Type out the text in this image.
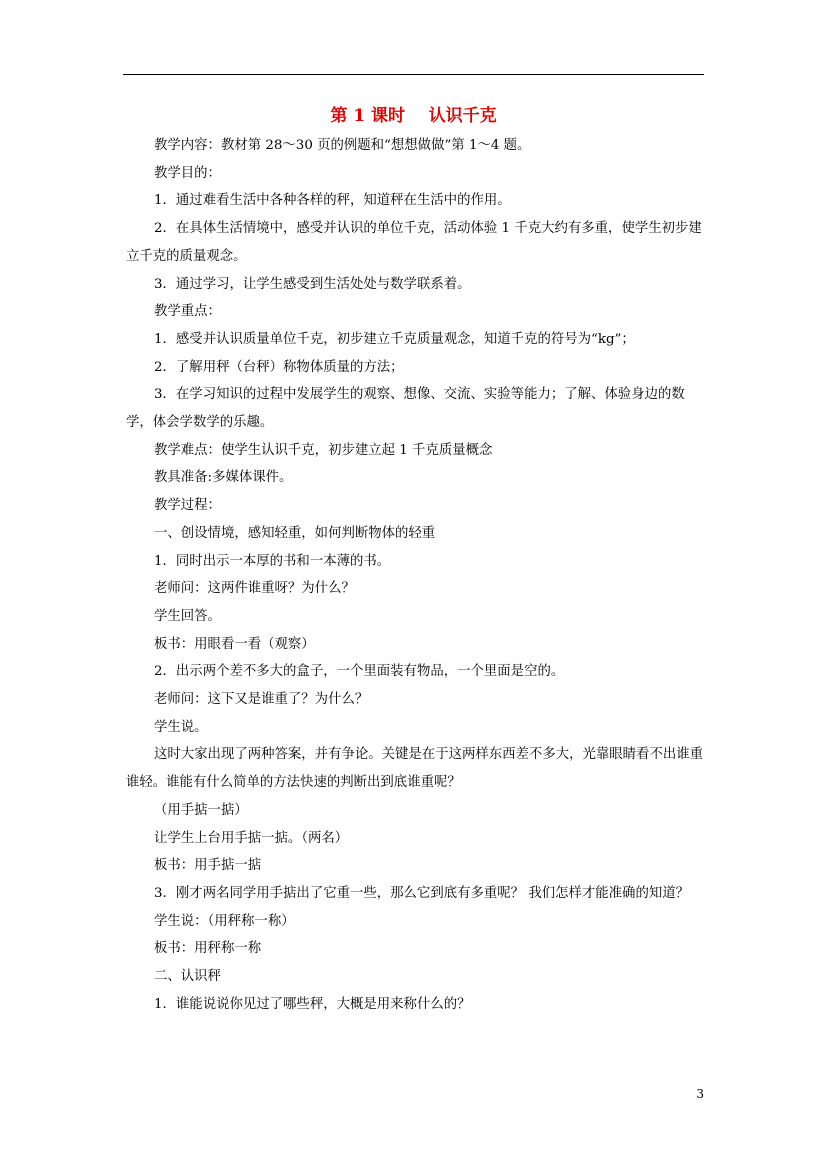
第 1 课时    认识千克

教学内容：教材第 28～30 页的例题和“想想做做”第 1～4 题。

教学目的：

1．通过难看生活中各种各样的秤，知道秤在生活中的作用。

2．在具体生活情境中，感受并认识的单位千克，活动体验 1 千克大约有多重，使学生初步建立千克的质量观念。

3．通过学习，让学生感受到生活处处与数学联系着。

教学重点：

1．感受并认识质量单位千克，初步建立千克质量观念，知道千克的符号为“kg”；

2．了解用秤（台秤）称物体质量的方法；

3．在学习知识的过程中发展学生的观察、想像、交流、实验等能力；了解、体验身边的数学，体会学数学的乐趣。

教学难点：使学生认识千克，初步建立起 1 千克质量概念

教具准备:多媒体课件。

教学过程：

一、创设情境，感知轻重，如何判断物体的轻重

1．同时出示一本厚的书和一本薄的书。

老师问：这两件谁重呀？为什么？

学生回答。

板书：用眼看一看（观察）

2．出示两个差不多大的盒子，一个里面装有物品，一个里面是空的。

老师问：这下又是谁重了？为什么？

学生说。

这时大家出现了两种答案，并有争论。关键是在于这两样东西差不多大，光靠眼睛看不出谁重谁轻。谁能有什么简单的方法快速的判断出到底谁重呢？

（用手掂一掂）

让学生上台用手掂一掂。（两名）

板书：用手掂一掂

3．刚才两名同学用手掂出了它重一些，那么它到底有多重呢？ 我们怎样才能准确的知道？

学生说：（用秤称一称）

板书：用秤称一称

二、认识秤

1．谁能说说你见过了哪些秤，大概是用来称什么的？

3
